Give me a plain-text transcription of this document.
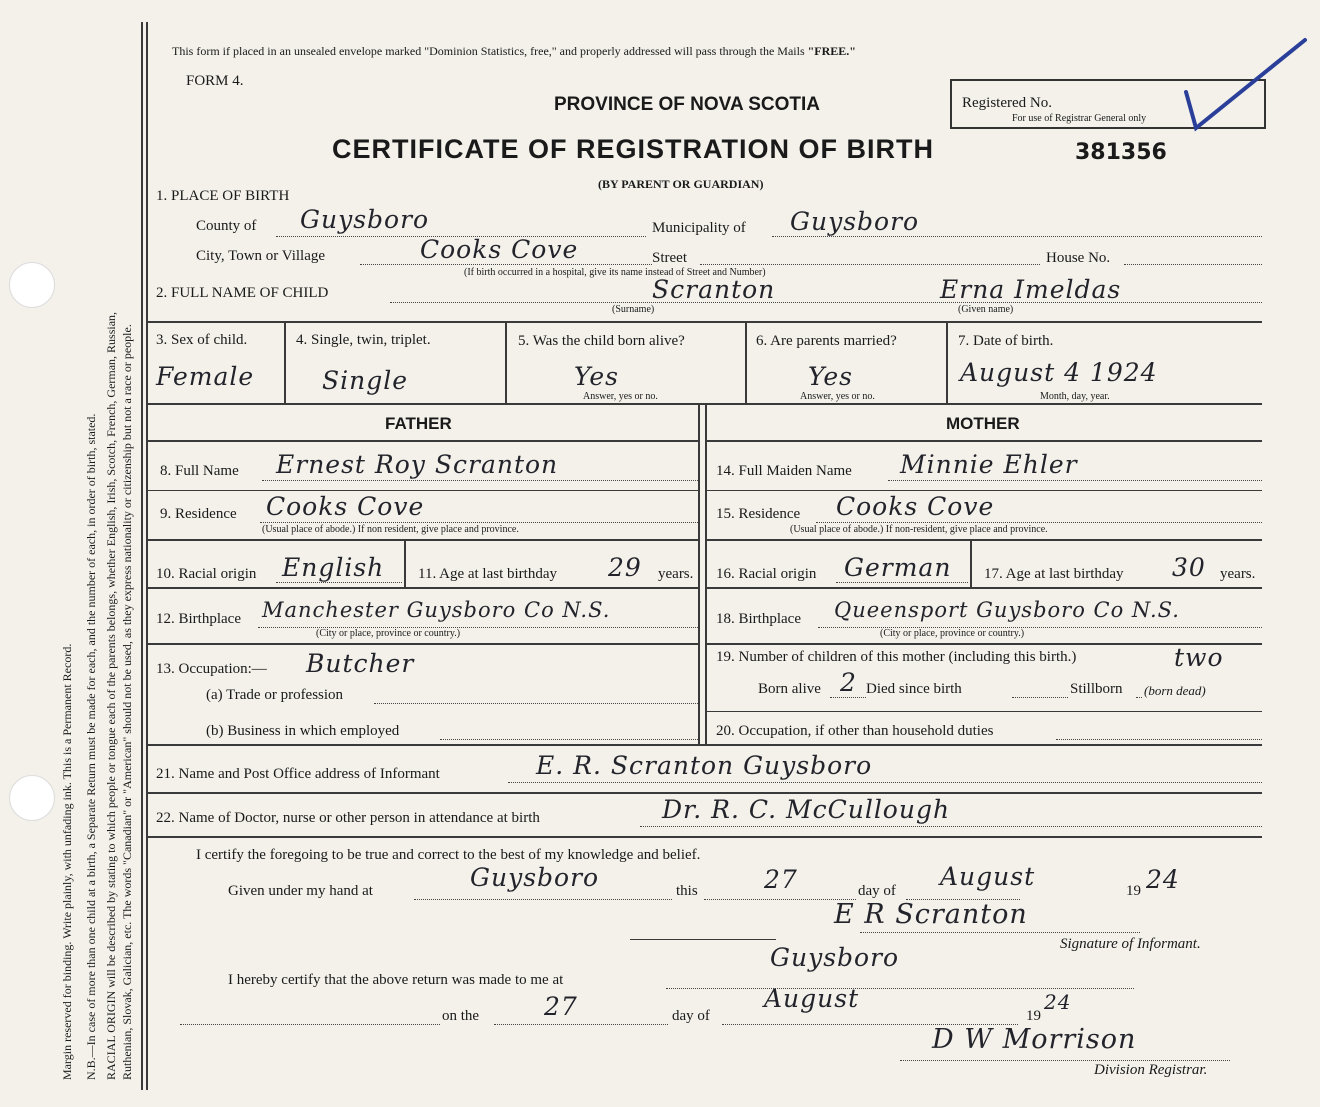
Margin reserved for binding. Write plainly, with unfading ink. This is a Permanent Record. N.B.—In case of more than one child at a birth, a Separate Return must be made for each, and the number of each, in order of birth, stated. RACIAL ORIGIN will be described by stating to which people or tongue each of the parents belongs, whether English, Irish, Scotch, French, German, Russian, Ruthenian, Slovak, Galician, etc. The words "Canadian" or "American" should not be used, as they express nationality or citizenship but not a race or people.
This form if placed in an unsealed envelope marked "Dominion Statistics, free," and properly addressed will pass through the Mails "FREE."
FORM 4.
PROVINCE OF NOVA SCOTIA
CERTIFICATE OF REGISTRATION OF BIRTH	381356
(BY PARENT OR GUARDIAN)
Registered No.
For use of Registrar General only
1. PLACE OF BIRTH
County of Guysboro	Municipality of Guysboro
City, Town or Village	Cooks Cove	Street	House No.
(If birth occurred in a hospital, give its name instead of Street and Number)
2. FULL NAME OF CHILD	Scranton	Erna Imeldas
(Surname)	(Given name)
3. Sex of child.
Female
4. Single, twin, triplet.
Single
5. Was the child born alive?
Yes
Answer, yes or no.
6. Are parents married?
Yes
Answer, yes or no.
7. Date of birth.
August 4 1924
Month, day, year.
FATHER	MOTHER
8. Full Name Ernest Roy Scranton
9. Residence Cooks Cove
(Usual place of abode.) If non resident, give place and province.
10. Racial origin English 11. Age at last birthday 29 years.
12. Birthplace Manchester Guysboro Co N.S.
(City or place, province or country.)
13. Occupation:— Butcher
(a) Trade or profession
(b) Business in which employed
14. Full Maiden Name Minnie Ehler
15. Residence Cooks Cove
(Usual place of abode.) If non-resident, give place and province.
16. Racial origin German 17. Age at last birthday 30 years.
18. Birthplace Queensport Guysboro Co N.S.
(City or place, province or country.)
19. Number of children of this mother (including this birth.)	two
Born alive 2 Died since birth	Stillborn (born dead)
20. Occupation, if other than household duties
21. Name and Post Office address of Informant	E. R. Scranton Guysboro
22. Name of Doctor, nurse or other person in attendance at birth	Dr. R. C. McCullough
I certify the foregoing to be true and correct to the best of my knowledge and belief.
Given under my hand at	Guysboro	this	27	day of August	19 24
E R Scranton
Signature of Informant.
Guysboro
I hereby certify that the above return was made to me at
on the	27	day of
August
19
24
D W Morrison
Division Registrar.
